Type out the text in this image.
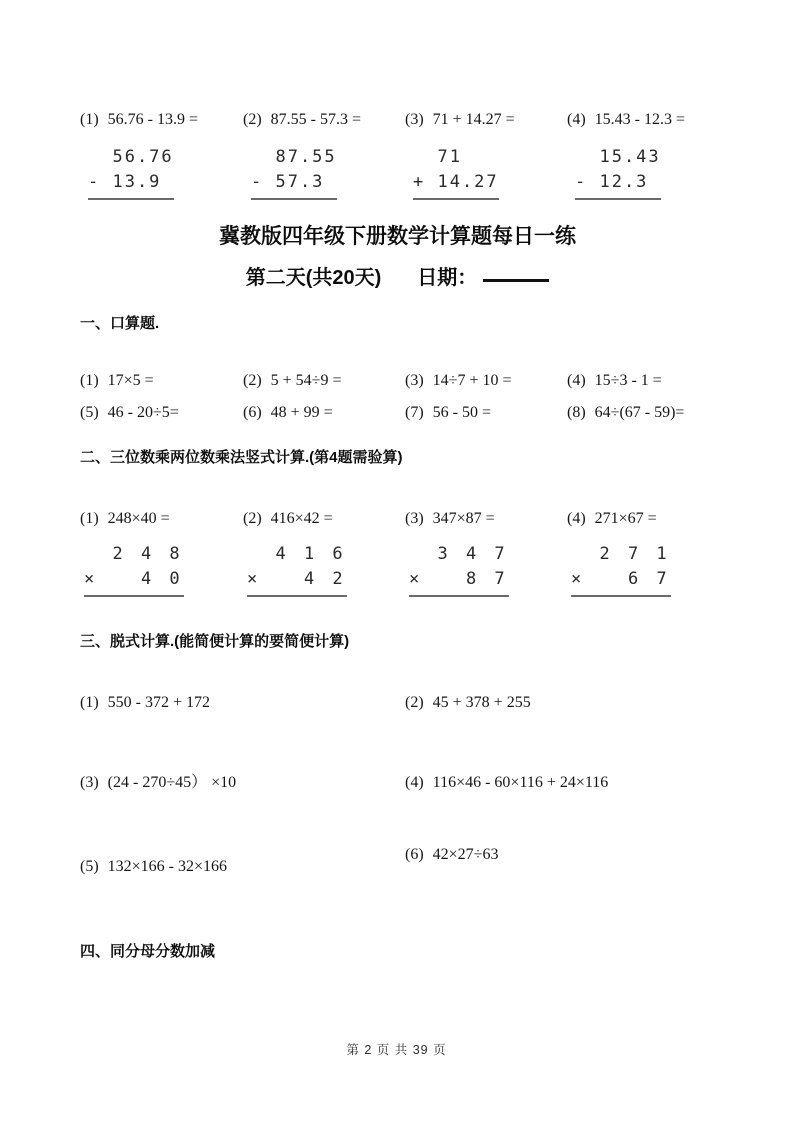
(1) 56.76 - 13.9 =
56.76
- 13.9
(2) 87.55 - 57.3 =
87.55
- 57.3
(3) 71 + 14.27 =
71
+ 14.27
(4) 15.43 - 12.3 =
15.43
- 12.3
冀教版四年级下册数学计算题每日一练
第二天(共20天) 日期：
一、口算题.
(1) 17×5 =	(2) 5 + 54÷9 =	(3) 14÷7 + 10 =	(4) 15÷3 - 1 =
(5) 46 - 20÷5=	(6) 48 + 99 =	(7) 56 - 50 =	(8) 64÷(67 - 59)=
二、三位数乘两位数乘法竖式计算.(第4题需验算)
(1) 248×40 =
2 4 8
×   4 0
(2) 416×42 =
4 1 6
×   4 2
(3) 347×87 =
3 4 7
×   8 7
(4) 271×67 =
2 7 1
×   6 7
三、脱式计算.(能简便计算的要简便计算)
(1) 550 - 372 + 172	(2) 45 + 378 + 255
(3) (24 - 270÷45） ×10	(4) 116×46 - 60×116 + 24×116
(5) 132×166 - 32×166
(6) 42×27÷63
四、同分母分数加减
第 2 页 共 39 页
